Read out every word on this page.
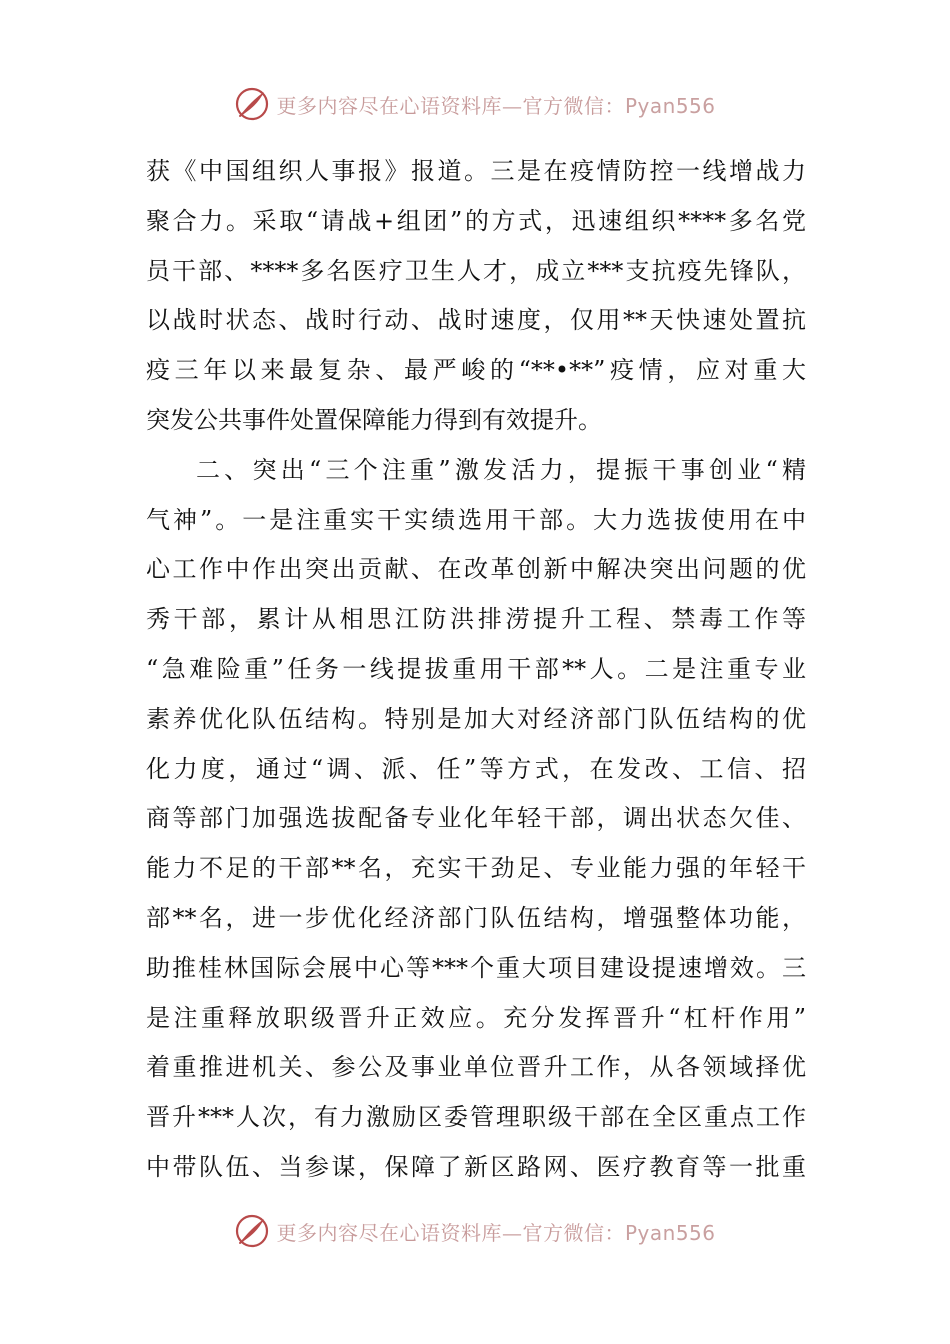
更多内容尽在心语资料库—官方微信：Pyan556
获《中国组织人事报》报道。三是在疫情防控一线增战力
聚合力。采取“请战+组团”的方式，迅速组织****多名党
员干部、****多名医疗卫生人才，成立***支抗疫先锋队，
以战时状态、战时行动、战时速度，仅用**天快速处置抗
疫三年以来最复杂、最严峻的“**•**”疫情，应对重大
突发公共事件处置保障能力得到有效提升。
二、突出“三个注重”激发活力，提振干事创业“精
气神”。一是注重实干实绩选用干部。大力选拔使用在中
心工作中作出突出贡献、在改革创新中解决突出问题的优
秀干部，累计从相思江防洪排涝提升工程、禁毒工作等
“急难险重”任务一线提拔重用干部**人。二是注重专业
素养优化队伍结构。特别是加大对经济部门队伍结构的优
化力度，通过“调、派、任”等方式，在发改、工信、招
商等部门加强选拔配备专业化年轻干部，调出状态欠佳、
能力不足的干部**名，充实干劲足、专业能力强的年轻干
部**名，进一步优化经济部门队伍结构，增强整体功能，
助推桂林国际会展中心等***个重大项目建设提速增效。三
是注重释放职级晋升正效应。充分发挥晋升“杠杆作用”
着重推进机关、参公及事业单位晋升工作，从各领域择优
晋升***人次，有力激励区委管理职级干部在全区重点工作
中带队伍、当参谋，保障了新区路网、医疗教育等一批重
更多内容尽在心语资料库—官方微信：Pyan556
